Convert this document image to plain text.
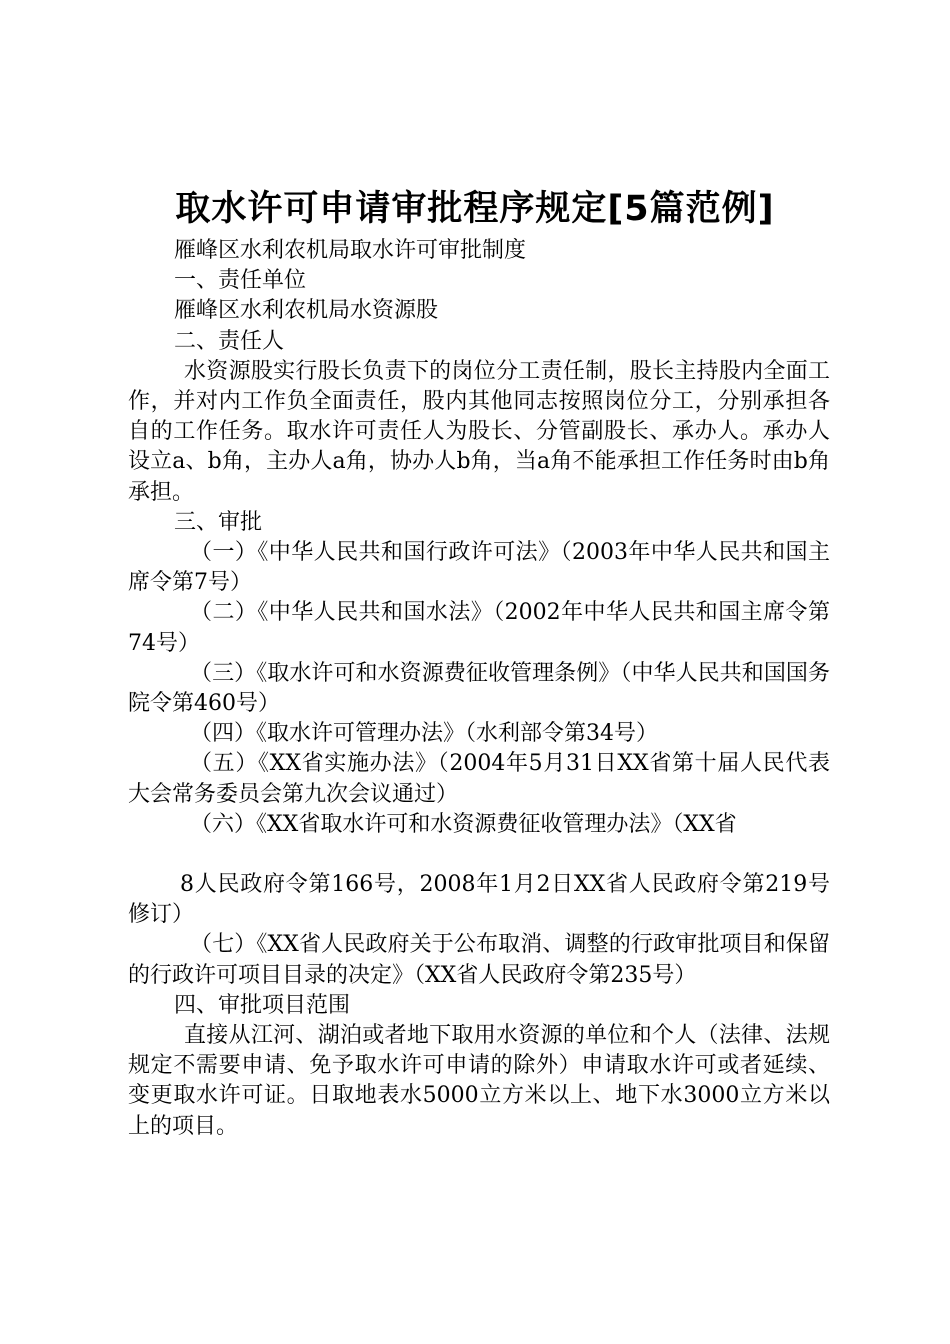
取水许可申请审批程序规定[5篇范例]

雁峰区水利农机局取水许可审批制度

一、责任单位

雁峰区水利农机局水资源股

二、责任人

水资源股实行股长负责下的岗位分工责任制，股长主持股内全面工作，并对内工作负全面责任，股内其他同志按照岗位分工，分别承担各自的工作任务。取水许可责任人为股长、分管副股长、承办人。承办人设立a、b角，主办人a角，协办人b角，当a角不能承担工作任务时由b角承担。

三、审批

（一）《中华人民共和国行政许可法》（2003年中华人民共和国主席令第7号）

（二）《中华人民共和国水法》（2002年中华人民共和国主席令第74号）

（三）《取水许可和水资源费征收管理条例》（中华人民共和国国务院令第460号）

（四）《取水许可管理办法》（水利部令第34号）

（五）《XX省实施办法》（2004年5月31日XX省第十届人民代表大会常务委员会第九次会议通过）

（六）《XX省取水许可和水资源费征收管理办法》（XX省

8人民政府令第166号，2008年1月2日XX省人民政府令第219号修订）

（七）《XX省人民政府关于公布取消、调整的行政审批项目和保留的行政许可项目目录的决定》（XX省人民政府令第235号）

四、审批项目范围

直接从江河、湖泊或者地下取用水资源的单位和个人（法律、法规规定不需要申请、免予取水许可申请的除外）申请取水许可或者延续、变更取水许可证。日取地表水5000立方米以上、地下水3000立方米以上的项目。
